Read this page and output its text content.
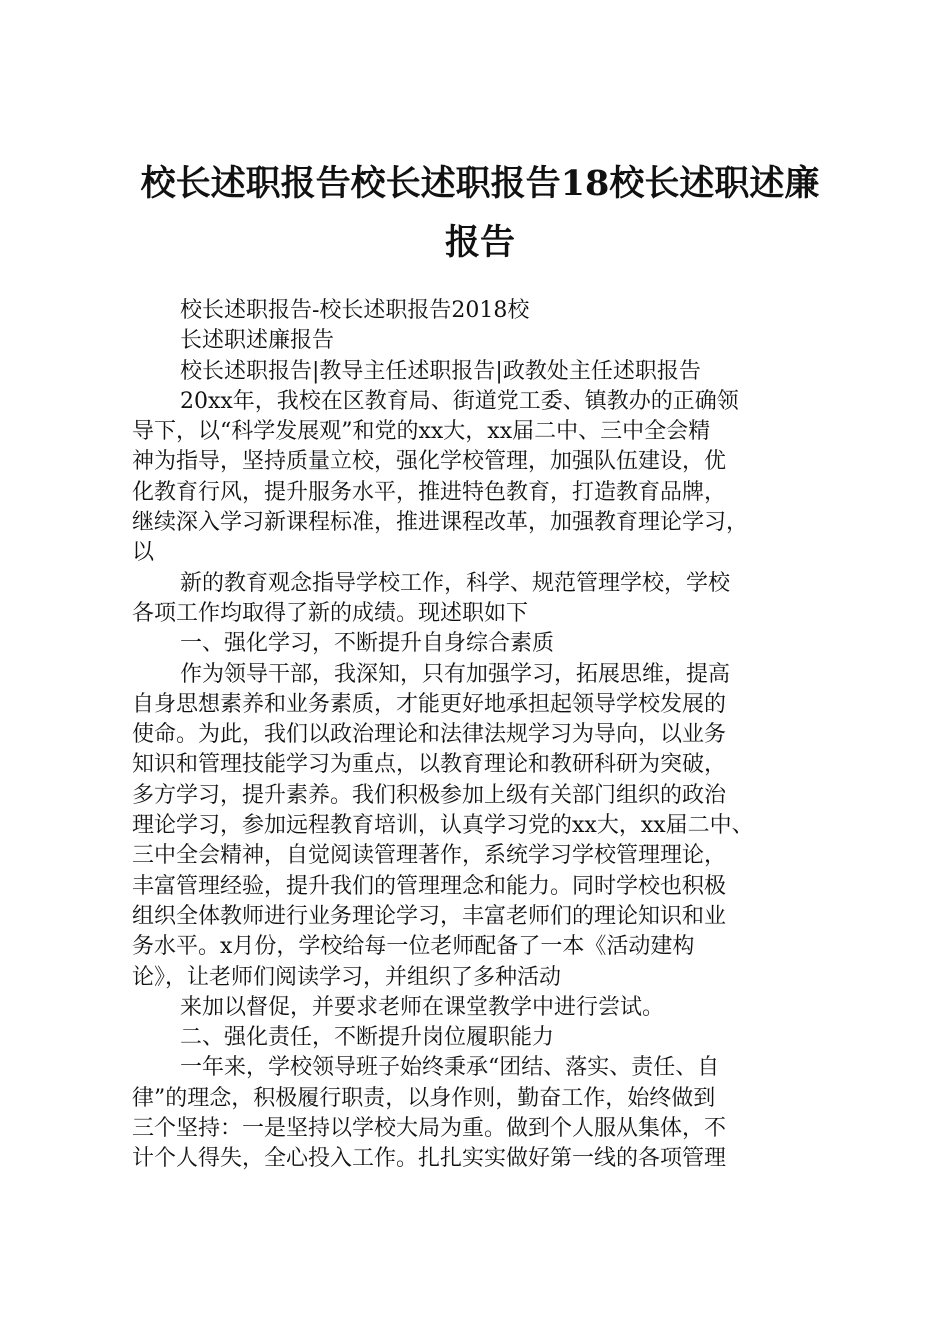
校长述职报告校长述职报告18校长述职述廉
报告
校长述职报告-校长述职报告2018校
长述职述廉报告
校长述职报告|教导主任述职报告|政教处主任述职报告
20xx年，我校在区教育局、街道党工委、镇教办的正确领
导下，以“科学发展观”和党的xx大，xx届二中、三中全会精
神为指导，坚持质量立校，强化学校管理，加强队伍建设，优
化教育行风，提升服务水平，推进特色教育，打造教育品牌，
继续深入学习新课程标准，推进课程改革，加强教育理论学习，
以
新的教育观念指导学校工作，科学、规范管理学校，学校
各项工作均取得了新的成绩。现述职如下
一、强化学习，不断提升自身综合素质
作为领导干部，我深知，只有加强学习，拓展思维，提高
自身思想素养和业务素质，才能更好地承担起领导学校发展的
使命。为此，我们以政治理论和法律法规学习为导向，以业务
知识和管理技能学习为重点，以教育理论和教研科研为突破，
多方学习，提升素养。我们积极参加上级有关部门组织的政治
理论学习，参加远程教育培训，认真学习党的xx大，xx届二中、
三中全会精神，自觉阅读管理著作，系统学习学校管理理论，
丰富管理经验，提升我们的管理理念和能力。同时学校也积极
组织全体教师进行业务理论学习，丰富老师们的理论知识和业
务水平。x月份，学校给每一位老师配备了一本《活动建构
论》，让老师们阅读学习，并组织了多种活动
来加以督促，并要求老师在课堂教学中进行尝试。
二、强化责任，不断提升岗位履职能力
一年来，学校领导班子始终秉承“团结、落实、责任、自
律”的理念，积极履行职责，以身作则，勤奋工作，始终做到
三个坚持：一是坚持以学校大局为重。做到个人服从集体，不
计个人得失，全心投入工作。扎扎实实做好第一线的各项管理
